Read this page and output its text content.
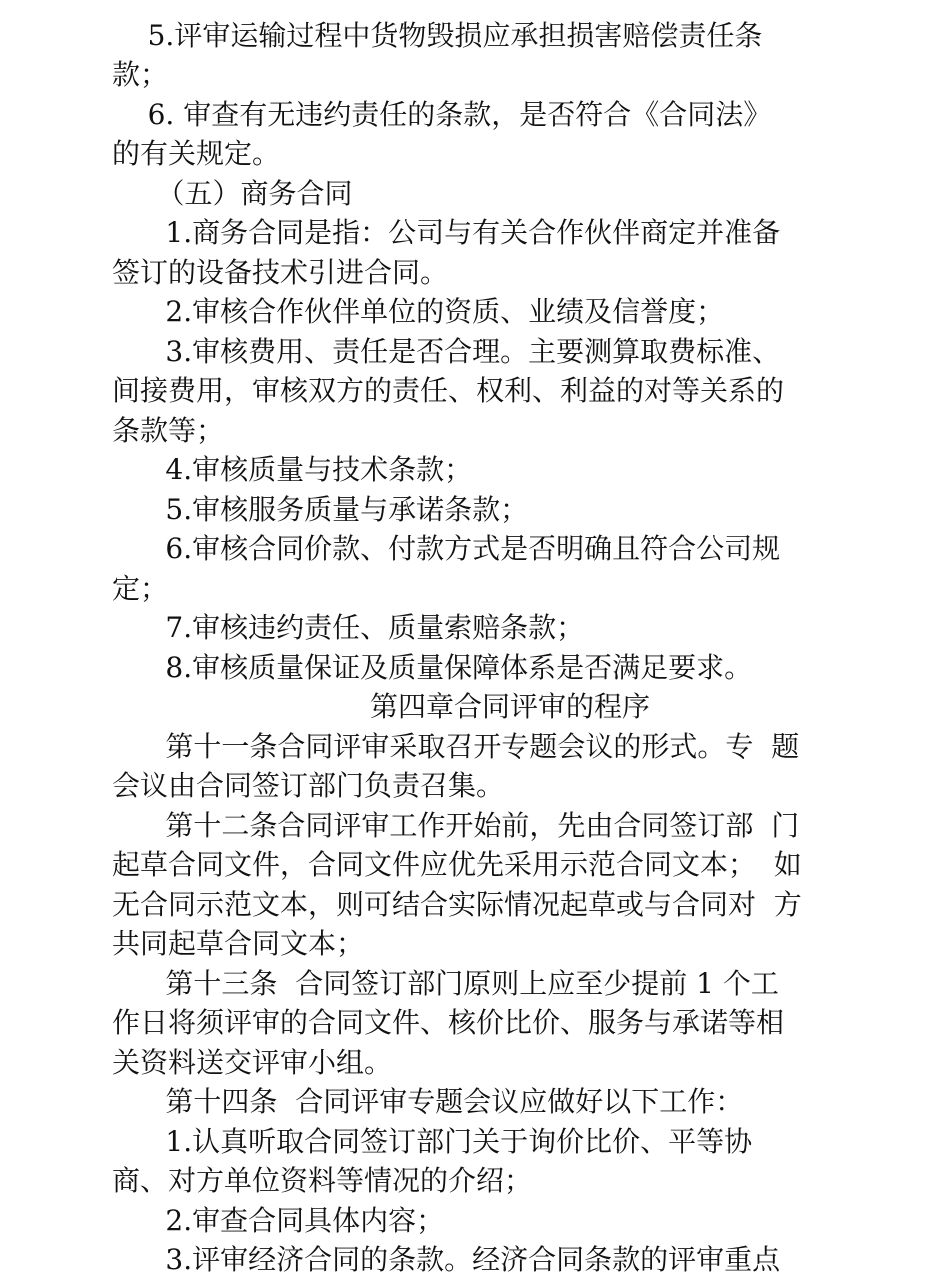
5.评审运输过程中货物毁损应承担损害赔偿责任条
款；
6. 审查有无违约责任的条款，是否符合《合同法》
的有关规定。
（五）商务合同
1.商务合同是指：公司与有关合作伙伴商定并准备
签订的设备技术引进合同。
2.审核合作伙伴单位的资质、业绩及信誉度；
3.审核费用、责任是否合理。主要测算取费标准、
间接费用，审核双方的责任、权利、利益的对等关系的
条款等；
4.审核质量与技术条款；
5.审核服务质量与承诺条款；
6.审核合同价款、付款方式是否明确且符合公司规
定；
7.审核违约责任、质量索赔条款；
8.审核质量保证及质量保障体系是否满足要求。
第四章合同评审的程序
第十一条合同评审采取召开专题会议的形式。专  题
会议由合同签订部门负责召集。
第十二条合同评审工作开始前，先由合同签订部  门
起草合同文件，合同文件应优先采用示范合同文本；  如
无合同示范文本，则可结合实际情况起草或与合同对  方
共同起草合同文本；
第十三条  合同签订部门原则上应至少提前 1 个工
作日将须评审的合同文件、核价比价、服务与承诺等相
关资料送交评审小组。
第十四条  合同评审专题会议应做好以下工作：
1.认真听取合同签订部门关于询价比价、平等协
商、对方单位资料等情况的介绍；
2.审查合同具体内容；
3.评审经济合同的条款。经济合同条款的评审重点
